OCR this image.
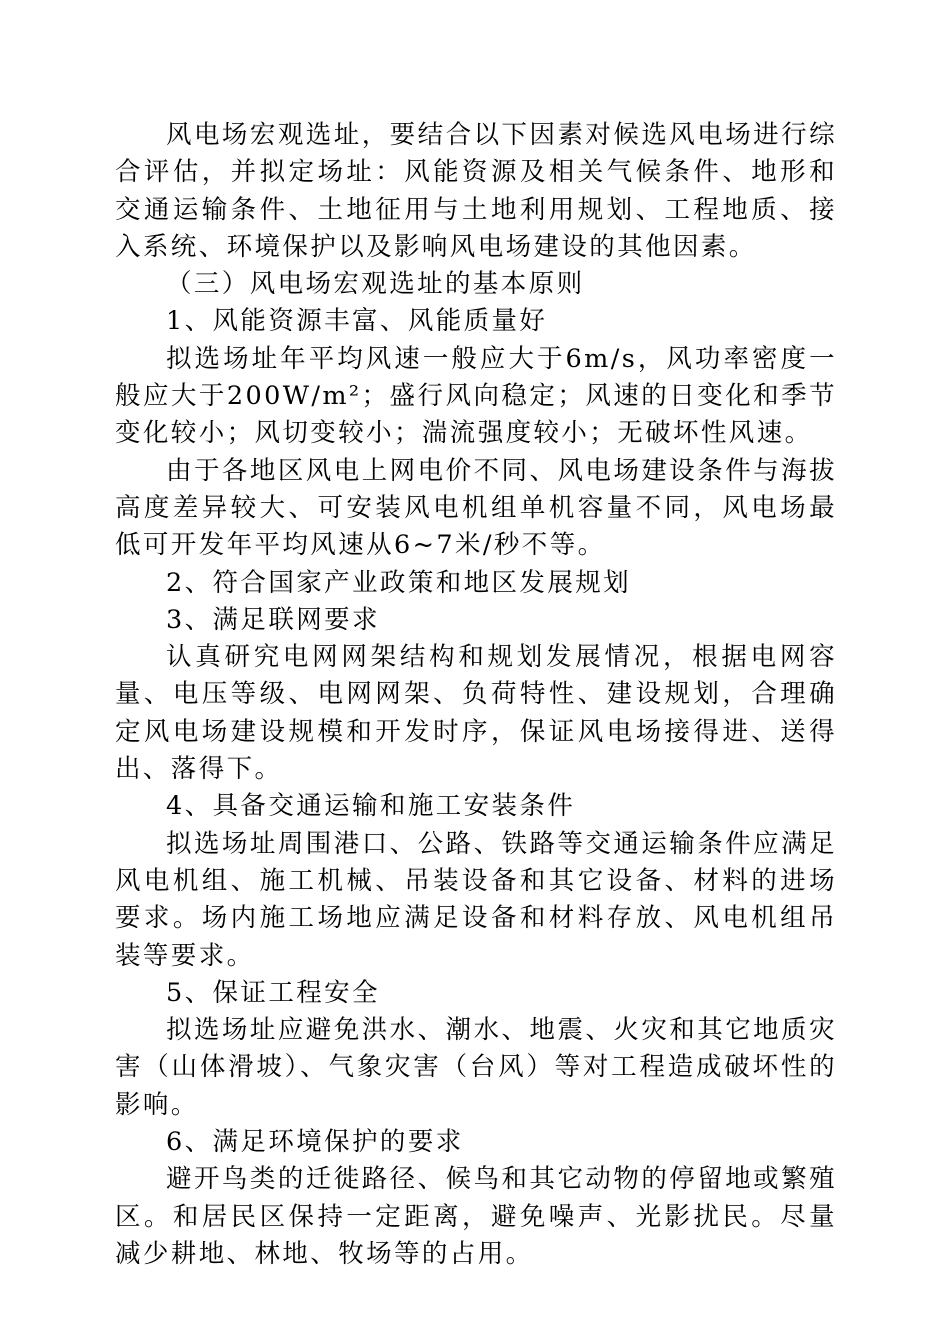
风电场宏观选址，要结合以下因素对候选风电场进行综合评估，并拟定场址：风能资源及相关气候条件、地形和交通运输条件、土地征用与土地利用规划、工程地质、接入系统、环境保护以及影响风电场建设的其他因素。

（三）风电场宏观选址的基本原则

1、风能资源丰富、风能质量好

拟选场址年平均风速一般应大于6m/s，风功率密度一般应大于200W/m²；盛行风向稳定；风速的日变化和季节变化较小；风切变较小；湍流强度较小；无破坏性风速。

由于各地区风电上网电价不同、风电场建设条件与海拔高度差异较大、可安装风电机组单机容量不同，风电场最低可开发年平均风速从6~7米/秒不等。

2、符合国家产业政策和地区发展规划

3、满足联网要求

认真研究电网网架结构和规划发展情况，根据电网容量、电压等级、电网网架、负荷特性、建设规划，合理确定风电场建设规模和开发时序，保证风电场接得进、送得出、落得下。

4、具备交通运输和施工安装条件

拟选场址周围港口、公路、铁路等交通运输条件应满足风电机组、施工机械、吊装设备和其它设备、材料的进场要求。场内施工场地应满足设备和材料存放、风电机组吊装等要求。

5、保证工程安全

拟选场址应避免洪水、潮水、地震、火灾和其它地质灾害（山体滑坡）、气象灾害（台风）等对工程造成破坏性的影响。

6、满足环境保护的要求

避开鸟类的迁徙路径、候鸟和其它动物的停留地或繁殖区。和居民区保持一定距离，避免噪声、光影扰民。尽量减少耕地、林地、牧场等的占用。
